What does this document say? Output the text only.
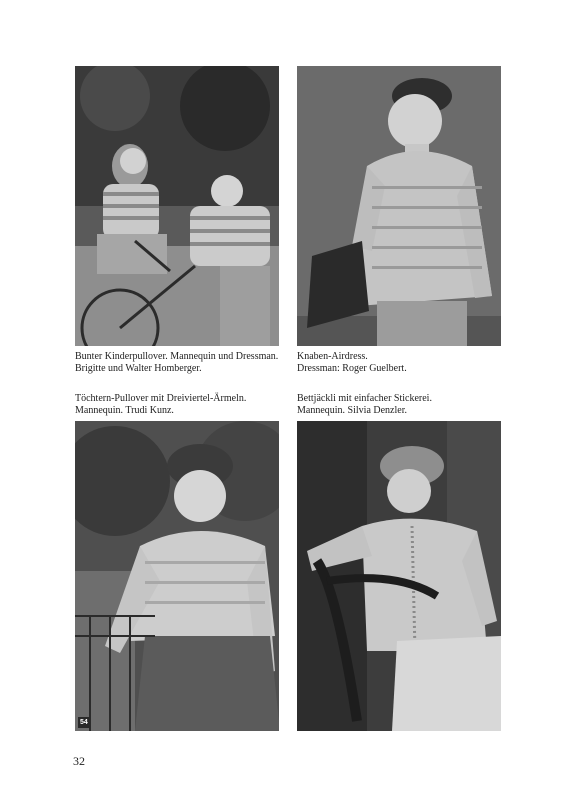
Bunter Kinderpullover. Mannequin und Dressman.
Brigitte und Walter Homberger.
Knaben-Airdress.
Dressman: Roger Guelbert.
Töchtern-Pullover mit Dreiviertel-Ärmeln.
Mannequin. Trudi Kunz.
Bettjäckli mit einfacher Stickerei.
Mannequin. Silvia Denzler.
54
32
